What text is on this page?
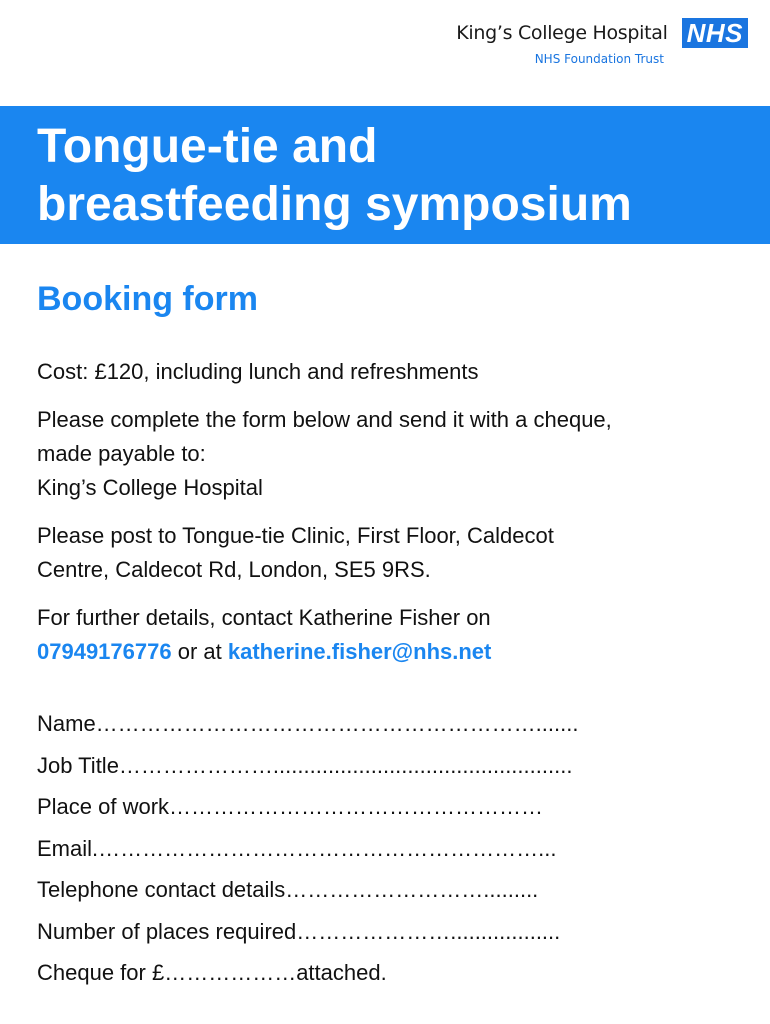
King’s College Hospital NHS
NHS Foundation Trust
Tongue-tie and
breastfeeding symposium
Booking form

Cost: £120, including lunch and refreshments

Please complete the form below and send it with a cheque,
made payable to:
King’s College Hospital

Please post to Tongue-tie Clinic, First Floor, Caldecot
Centre, Caldecot Rd, London, SE5 9RS.

For further details, contact Katherine Fisher on
07949176776 or at katherine.fisher@nhs.net

Name…………………………………………………….......
Job Title………………….................................................
Place of work……………………………………………
Email.……………………………………………………...
Telephone contact details……………………….........
Number of places required…………………..................
Cheque for £………………attached.
